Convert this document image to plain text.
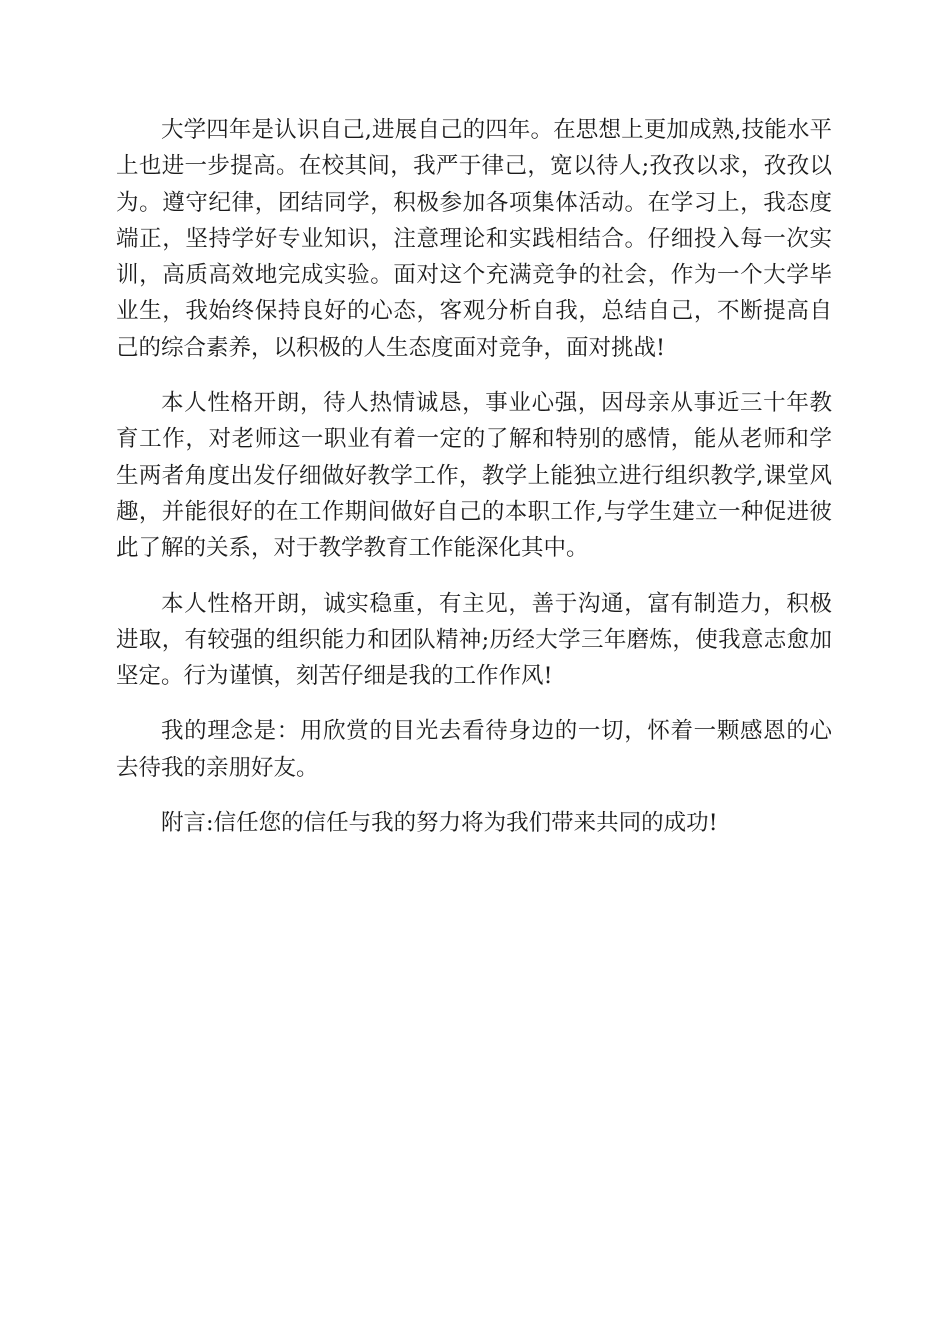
大学四年是认识自己,进展自己的四年。在思想上更加成熟,技能水平上也进一步提高。在校其间，我严于律己，宽以待人;孜孜以求，孜孜以为。遵守纪律，团结同学，积极参加各项集体活动。在学习上，我态度端正，坚持学好专业知识，注意理论和实践相结合。仔细投入每一次实训，高质高效地完成实验。面对这个充满竞争的社会，作为一个大学毕业生，我始终保持良好的心态，客观分析自我，总结自己，不断提高自己的综合素养，以积极的人生态度面对竞争，面对挑战!

本人性格开朗，待人热情诚恳，事业心强，因母亲从事近三十年教育工作，对老师这一职业有着一定的了解和特别的感情，能从老师和学生两者角度出发仔细做好教学工作，教学上能独立进行组织教学,课堂风趣，并能很好的在工作期间做好自己的本职工作,与学生建立一种促进彼此了解的关系，对于教学教育工作能深化其中。

本人性格开朗，诚实稳重，有主见，善于沟通，富有制造力，积极进取，有较强的组织能力和团队精神;历经大学三年磨炼，使我意志愈加坚定。行为谨慎，刻苦仔细是我的工作作风!

我的理念是：用欣赏的目光去看待身边的一切，怀着一颗感恩的心去待我的亲朋好友。

附言:信任您的信任与我的努力将为我们带来共同的成功!
